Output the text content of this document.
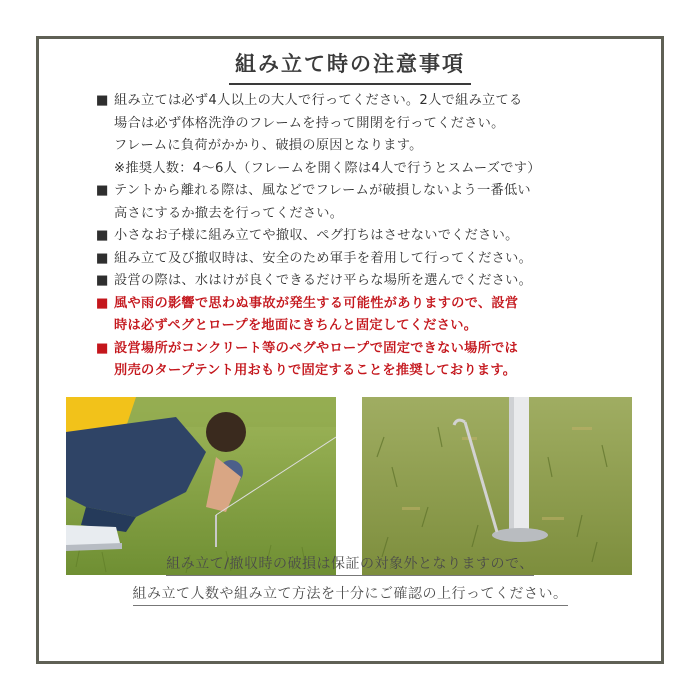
組み立て時の注意事項
■ 組み立ては必ず4人以上の大人で行ってください。2人で組み立てる
場合は必ず体格洗浄のフレームを持って開閉を行ってください。
フレームに負荷がかかり、破損の原因となります。
※推奨人数：4〜6人（フレームを開く際は4人で行うとスムーズです）
■ テントから離れる際は、風などでフレームが破損しないよう一番低い
高さにするか撤去を行ってください。
■ 小さなお子様に組み立てや撤収、ペグ打ちはさせないでください。
■ 組み立て及び撤収時は、安全のため軍手を着用して行ってください。
■ 設営の際は、水はけが良くできるだけ平らな場所を選んでください。
■ 風や雨の影響で思わぬ事故が発生する可能性がありますので、設営
時は必ずペグとロープを地面にきちんと固定してください。
■ 設営場所がコンクリート等のペグやロープで固定できない場所では
別売のタープテント用おもりで固定することを推奨しております。
組み立て/撤収時の破損は保証の対象外となりますので、
組み立て人数や組み立て方法を十分にご確認の上行ってください。
